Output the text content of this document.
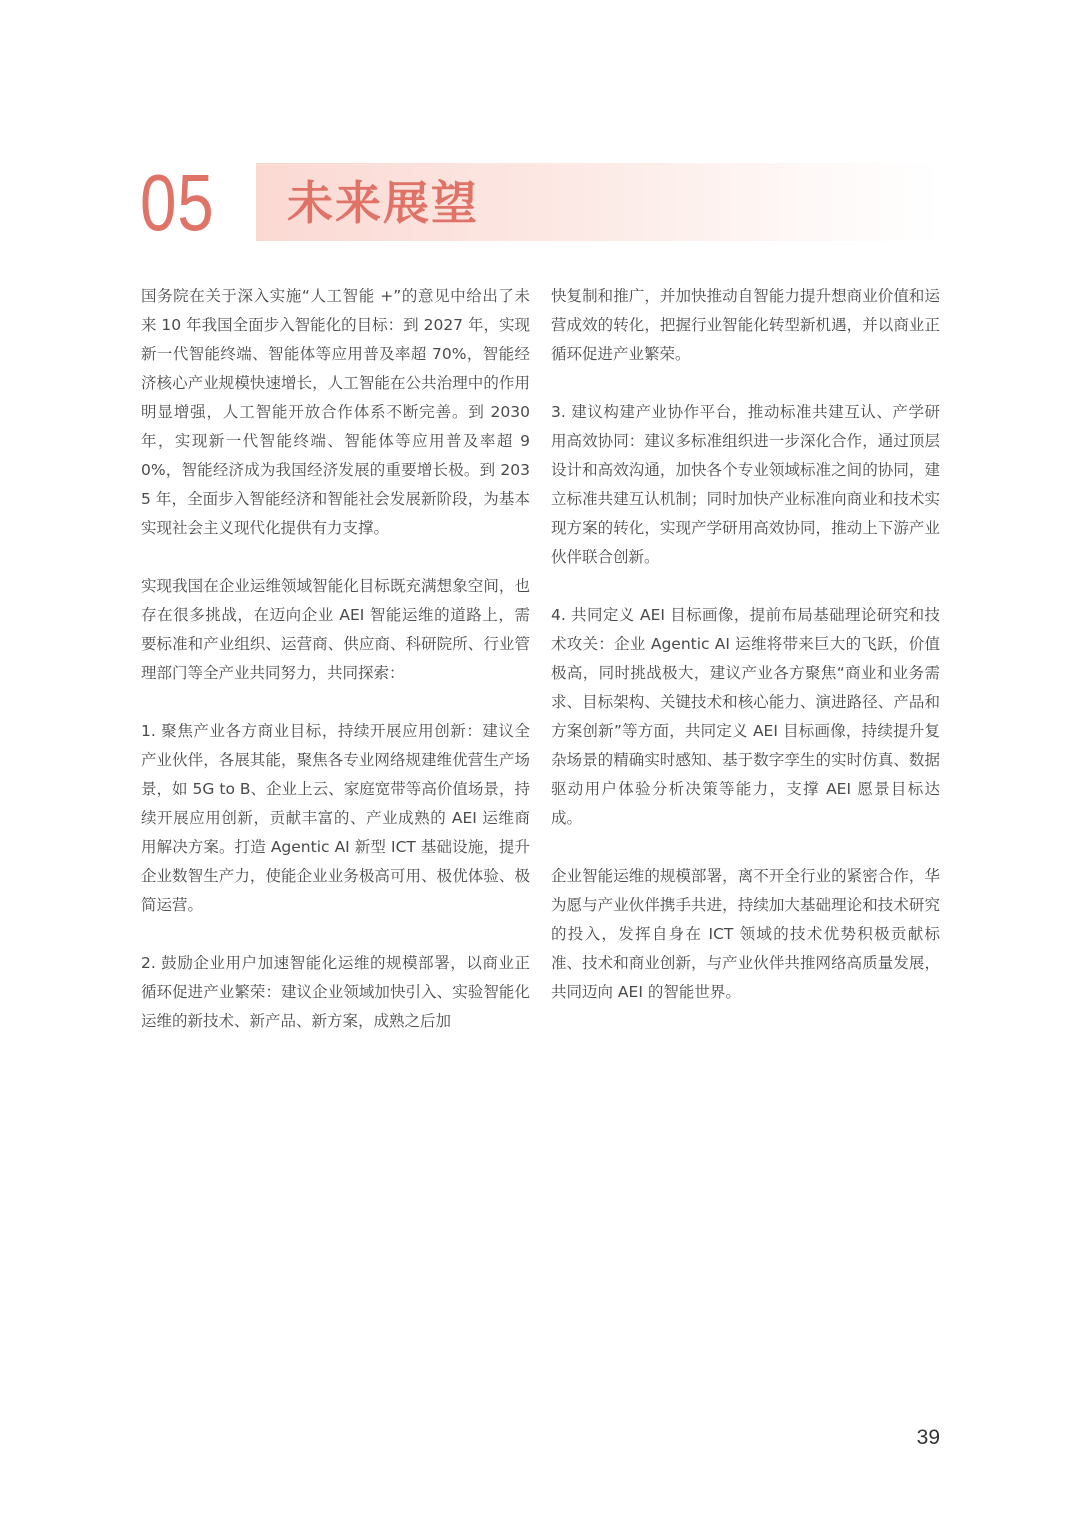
05 未来展望

国务院在关于深入实施“人工智能 +”的意见中给出了未来 10 年我国全面步入智能化的目标：到 2027 年，实现新一代智能终端、智能体等应用普及率超 70%，智能经济核心产业规模快速增长，人工智能在公共治理中的作用明显增强，人工智能开放合作体系不断完善。到 2030 年，实现新一代智能终端、智能体等应用普及率超 90%，智能经济成为我国经济发展的重要增长极。到 2035 年，全面步入智能经济和智能社会发展新阶段，为基本实现社会主义现代化提供有力支撑。

实现我国在企业运维领域智能化目标既充满想象空间，也存在很多挑战，在迈向企业 AEI 智能运维的道路上，需要标准和产业组织、运营商、供应商、科研院所、行业管理部门等全产业共同努力，共同探索：

1. 聚焦产业各方商业目标，持续开展应用创新：建议全产业伙伴，各展其能，聚焦各专业网络规建维优营生产场景，如 5G to B、企业上云、家庭宽带等高价值场景，持续开展应用创新，贡献丰富的、产业成熟的 AEI 运维商用解决方案。打造 Agentic AI 新型 ICT 基础设施，提升企业数智生产力，使能企业业务极高可用、极优体验、极简运营。

2. 鼓励企业用户加速智能化运维的规模部署，以商业正循环促进产业繁荣：建议企业领域加快引入、实验智能化运维的新技术、新产品、新方案，成熟之后加

快复制和推广，并加快推动自智能力提升想商业价值和运营成效的转化，把握行业智能化转型新机遇，并以商业正循环促进产业繁荣。

3. 建议构建产业协作平台，推动标准共建互认、产学研用高效协同：建议多标准组织进一步深化合作，通过顶层设计和高效沟通，加快各个专业领域标准之间的协同，建立标准共建互认机制；同时加快产业标准向商业和技术实现方案的转化，实现产学研用高效协同，推动上下游产业伙伴联合创新。

4. 共同定义 AEI 目标画像，提前布局基础理论研究和技术攻关：企业 Agentic AI 运维将带来巨大的飞跃，价值极高，同时挑战极大，建议产业各方聚焦“商业和业务需求、目标架构、关键技术和核心能力、演进路径、产品和方案创新”等方面，共同定义 AEI 目标画像，持续提升复杂场景的精确实时感知、基于数字孪生的实时仿真、数据驱动用户体验分析决策等能力，支撑 AEI 愿景目标达成。

企业智能运维的规模部署，离不开全行业的紧密合作，华为愿与产业伙伴携手共进，持续加大基础理论和技术研究的投入，发挥自身在 ICT 领域的技术优势积极贡献标准、技术和商业创新，与产业伙伴共推网络高质量发展，共同迈向 AEI 的智能世界。

39
